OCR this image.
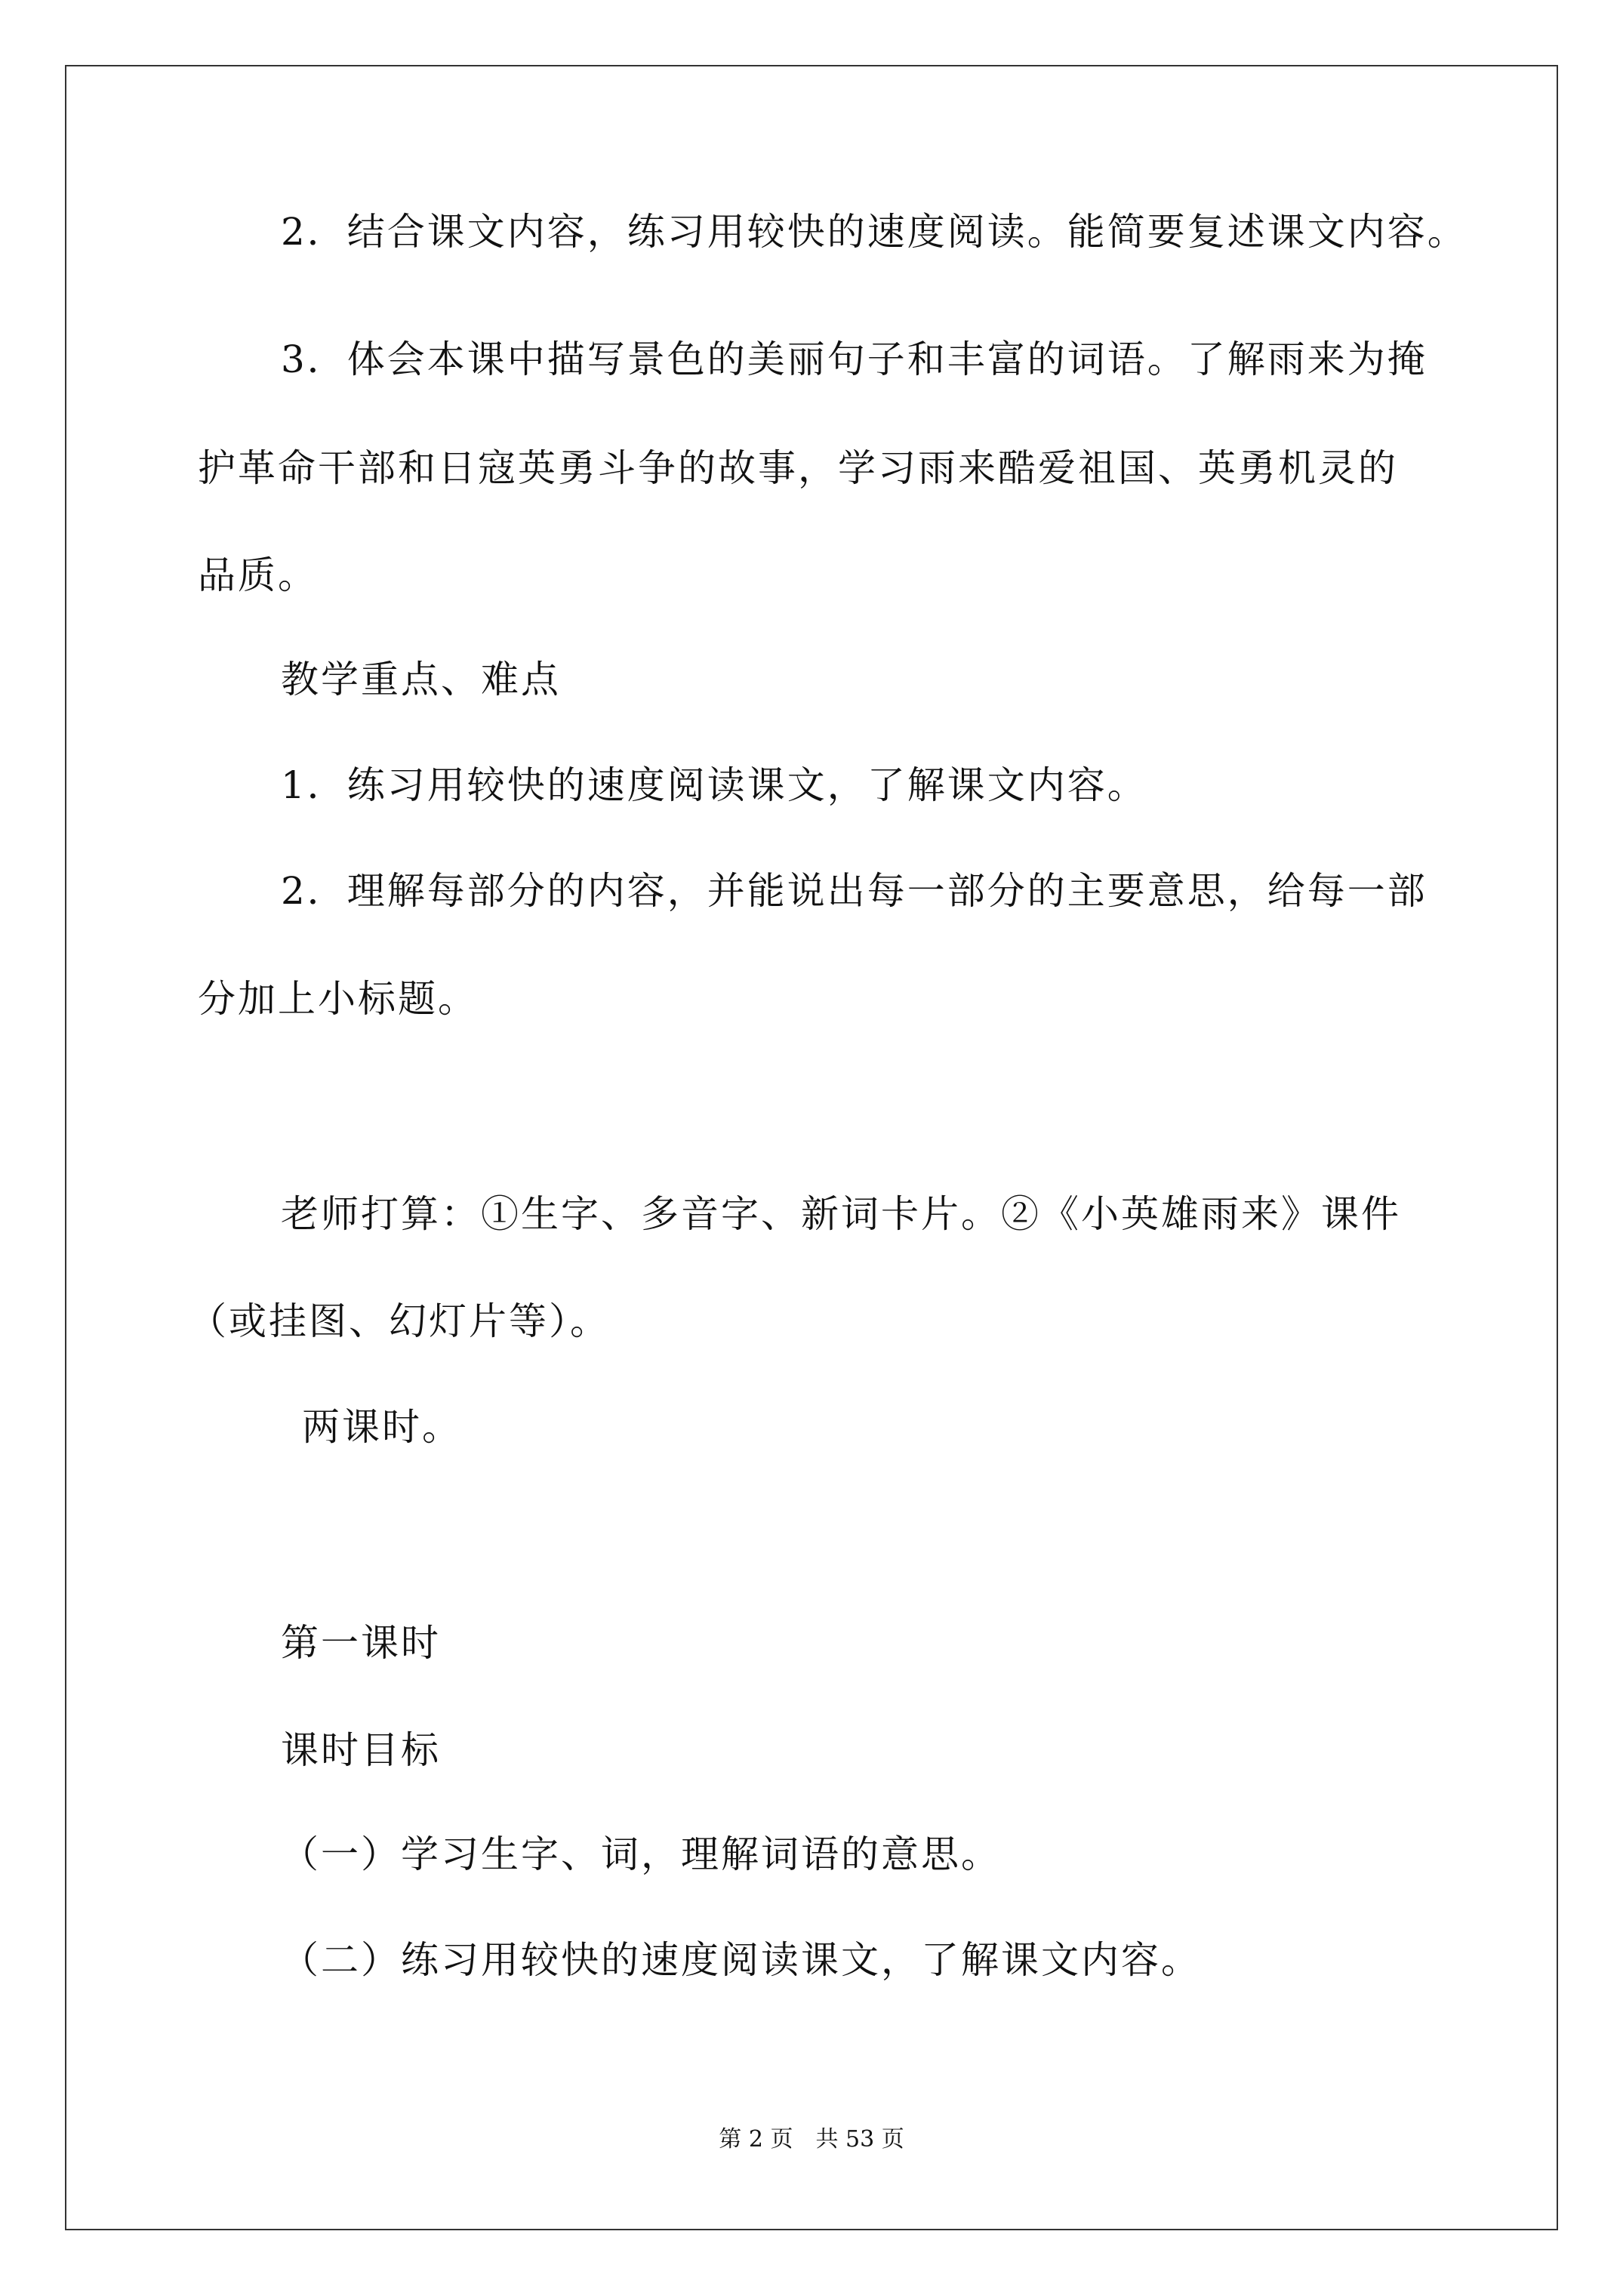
2．结合课文内容，练习用较快的速度阅读。能简要复述课文内容。
3．体会本课中描写景色的美丽句子和丰富的词语。了解雨来为掩
护革命干部和日寇英勇斗争的故事，学习雨来酷爱祖国、英勇机灵的
品质。
教学重点、难点
1．练习用较快的速度阅读课文，了解课文内容。
2．理解每部分的内容，并能说出每一部分的主要意思，给每一部
分加上小标题。
老师打算：①生字、多音字、新词卡片。②《小英雄雨来》课件
（或挂图、幻灯片等）。
两课时。
第一课时
课时目标
（一）学习生字、词，理解词语的意思。
（二）练习用较快的速度阅读课文，了解课文内容。
第 2 页　共 53 页
